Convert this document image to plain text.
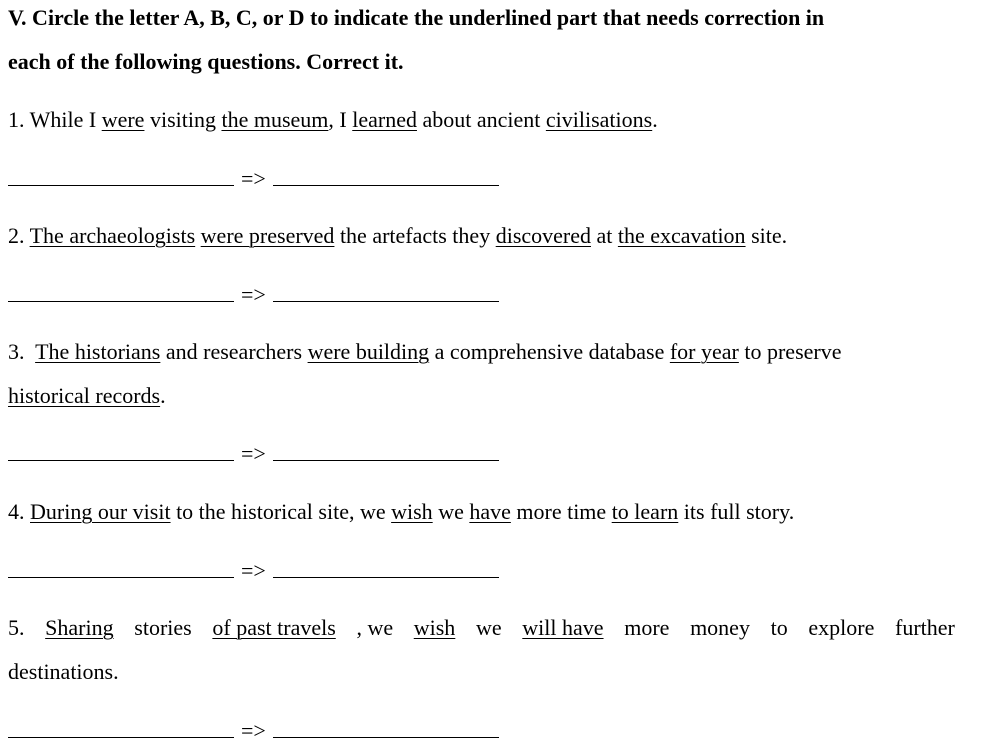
V. Circle the letter A, B, C, or D to indicate the underlined part that needs correction in
each of the following questions. Correct it.
1. While I were visiting the museum, I learned about ancient civilisations.
=>
2. The archaeologists were preserved the artefacts they discovered at the excavation site.
=>
3. The historians and researchers were building a comprehensive database for year to preserve
historical records.
=>
4. During our visit to the historical site, we wish we have more time to learn its full story.
=>
5. Sharing stories of past travels , we wish we will have more money to explore further
destinations.
=>
